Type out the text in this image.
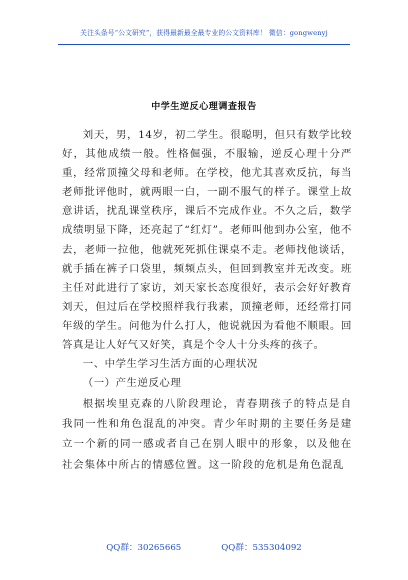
关注头条号“公文研究”，获得最新最全最专业的公文资料库！ 微信：gongwenyj
中学生逆反心理调查报告

刘天，男，14岁，初二学生。很聪明，但只有数学比较好，其他成绩一般。性格倔强，不服输，逆反心理十分严重，经常顶撞父母和老师。在学校，他尤其喜欢反抗，每当老师批评他时，就两眼一白，一副不服气的样子。课堂上故意讲话，扰乱课堂秩序，课后不完成作业。不久之后，数学成绩明显下降，还亮起了“红灯”。老师叫他到办公室，他不去，老师一拉他，他就死死抓住课桌不走。老师找他谈话，就手插在裤子口袋里，频频点头，但回到教室并无改变。班主任对此进行了家访，刘天家长态度很好，表示会好好教育刘天，但过后在学校照样我行我素，顶撞老师，还经常打同年级的学生。问他为什么打人，他说就因为看他不顺眼。回答真是让人好气又好笑，真是个令人十分头疼的孩子。

一、中学生学习生活方面的心理状况

（一）产生逆反心理

根据埃里克森的八阶段理论，青春期孩子的特点是自我同一性和角色混乱的冲突。青少年时期的主要任务是建立一个新的同一感或者自己在别人眼中的形象，以及他在社会集体中所占的情感位置。这一阶段的危机是角色混乱

QQ群：30265665	QQ群：535304092
